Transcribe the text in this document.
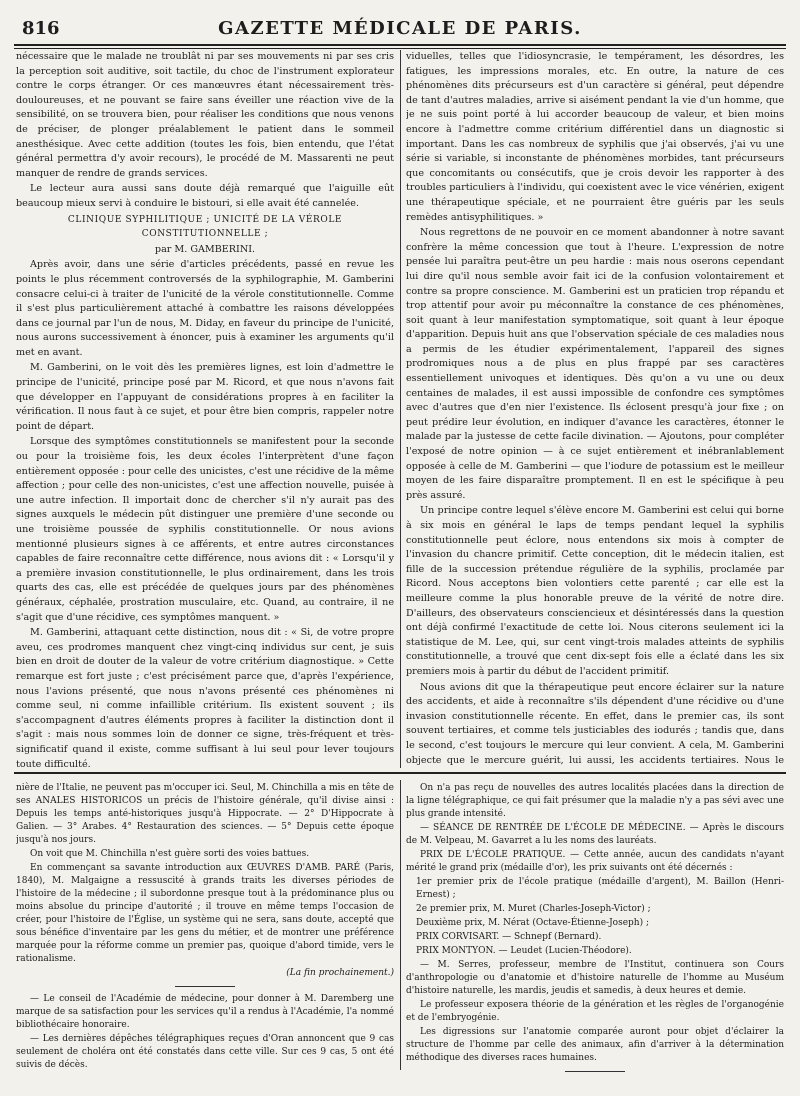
816	GAZETTE MÉDICALE DE PARIS.

nécessaire que le malade ne troublât ni par ses mouvements ni par ses cris la perception soit auditive, soit tactile, du choc de l'instrument explorateur contre le corps étranger. Or ces manœuvres étant nécessairement très-douloureuses, et ne pouvant se faire sans éveiller une réaction vive de la sensibilité, on se trouvera bien, pour réaliser les conditions que nous venons de préciser, de plonger préalablement le patient dans le sommeil anesthésique. Avec cette addition (toutes les fois, bien entendu, que l'état général permettra d'y avoir recours), le procédé de M. Massarenti ne peut manquer de rendre de grands services.

Le lecteur aura aussi sans doute déjà remarqué que l'aiguille eût beaucoup mieux servi à conduire le bistouri, si elle avait été cannelée.

CLINIQUE SYPHILITIQUE ; UNICITÉ DE LA VÉROLE CONSTITUTIONNELLE ;

par M. GAMBERINI.

Après avoir, dans une série d'articles précédents, passé en revue les points le plus récemment controversés de la syphilographie, M. Gamberini consacre celui-ci à traiter de l'unicité de la vérole constitutionnelle. Comme il s'est plus particulièrement attaché à combattre les raisons développées dans ce journal par l'un de nous, M. Diday, en faveur du principe de l'unicité, nous aurons successivement à énoncer, puis à examiner les arguments qu'il met en avant.

M. Gamberini, on le voit dès les premières lignes, est loin d'admettre le principe de l'unicité, principe posé par M. Ricord, et que nous n'avons fait que développer en l'appuyant de considérations propres à en faciliter la vérification. Il nous faut à ce sujet, et pour être bien compris, rappeler notre point de départ.

Lorsque des symptômes constitutionnels se manifestent pour la seconde ou pour la troisième fois, les deux écoles l'interprètent d'une façon entièrement opposée : pour celle des unicistes, c'est une récidive de la même affection ; pour celle des non-unicistes, c'est une affection nouvelle, puisée à une autre infection. Il importait donc de chercher s'il n'y aurait pas des signes auxquels le médecin pût distinguer une première d'une seconde ou une troisième poussée de syphilis constitutionnelle. Or nous avions mentionné plusieurs signes à ce afférents, et entre autres circonstances capables de faire reconnaître cette différence, nous avions dit : « Lorsqu'il y a première invasion constitutionnelle, le plus ordinairement, dans les trois quarts des cas, elle est précédée de quelques jours par des phénomènes généraux, céphalée, prostration musculaire, etc. Quand, au contraire, il ne s'agit que d'une récidive, ces symptômes manquent. »

M. Gamberini, attaquant cette distinction, nous dit : « Si, de votre propre aveu, ces prodromes manquent chez vingt-cinq individus sur cent, je suis bien en droit de douter de la valeur de votre critérium diagnostique. » Cette remarque est fort juste ; c'est précisément parce que, d'après l'expérience, nous l'avions présenté, que nous n'avons présenté ces phénomènes ni comme seul, ni comme infaillible critérium. Ils existent souvent ; ils s'accompagnent d'autres éléments propres à faciliter la distinction dont il s'agit : mais nous sommes loin de donner ce signe, très-fréquent et très-significatif quand il existe, comme suffisant à lui seul pour lever toujours toute difficulté.

viduelles, telles que l'idiosyncrasie, le tempérament, les désordres, les fatigues, les impressions morales, etc. En outre, la nature de ces phénomènes dits précurseurs est d'un caractère si général, peut dépendre de tant d'autres maladies, arrive si aisément pendant la vie d'un homme, que je ne suis point porté à lui accorder beaucoup de valeur, et bien moins encore à l'admettre comme critérium différentiel dans un diagnostic si important. Dans les cas nombreux de syphilis que j'ai observés, j'ai vu une série si variable, si inconstante de phénomènes morbides, tant précurseurs que concomitants ou consécutifs, que je crois devoir les rapporter à des troubles particuliers à l'individu, qui coexistent avec le vice vénérien, exigent une thérapeutique spéciale, et ne pourraient être guéris par les seuls remèdes antisyphilitiques. »

Nous regrettons de ne pouvoir en ce moment abandonner à notre savant confrère la même concession que tout à l'heure. L'expression de notre pensée lui paraîtra peut-être un peu hardie : mais nous oserons cependant lui dire qu'il nous semble avoir fait ici de la confusion volontairement et contre sa propre conscience. M. Gamberini est un praticien trop répandu et trop attentif pour avoir pu méconnaître la constance de ces phénomènes, soit quant à leur manifestation symptomatique, soit quant à leur époque d'apparition. Depuis huit ans que l'observation spéciale de ces maladies nous a permis de les étudier expérimentalement, l'appareil des signes prodromiques nous a de plus en plus frappé par ses caractères essentiellement univoques et identiques. Dès qu'on a vu une ou deux centaines de malades, il est aussi impossible de confondre ces symptômes avec d'autres que d'en nier l'existence. Ils éclosent presqu'à jour fixe ; on peut prédire leur évolution, en indiquer d'avance les caractères, étonner le malade par la justesse de cette facile divination. — Ajoutons, pour compléter l'exposé de notre opinion — à ce sujet entièrement et inébranlablement opposée à celle de M. Gamberini — que l'iodure de potassium est le meilleur moyen de les faire disparaître promptement. Il en est le spécifique à peu près assuré.

Un principe contre lequel s'élève encore M. Gamberini est celui qui borne à six mois en général le laps de temps pendant lequel la syphilis constitutionnelle peut éclore, nous entendons six mois à compter de l'invasion du chancre primitif. Cette conception, dit le médecin italien, est fille de la succession prétendue régulière de la syphilis, proclamée par Ricord. Nous acceptons bien volontiers cette parenté ; car elle est la meilleure comme la plus honorable preuve de la vérité de notre dire. D'ailleurs, des observateurs consciencieux et désintéressés dans la question ont déjà confirmé l'exactitude de cette loi. Nous citerons seulement ici la statistique de M. Lee, qui, sur cent vingt-trois malades atteints de syphilis constitutionnelle, a trouvé que cent dix-sept fois elle a éclaté dans les six premiers mois à partir du début de l'accident primitif.

Nous avions dit que la thérapeutique peut encore éclairer sur la nature des accidents, et aide à reconnaître s'ils dépendent d'une récidive ou d'une invasion constitutionnelle récente. En effet, dans le premier cas, ils sont souvent tertiaires, et comme tels justiciables des iodurés ; tandis que, dans le second, c'est toujours le mercure qui leur convient. A cela, M. Gamberini objecte que le mercure guérit, lui aussi, les accidents tertiaires. Nous le

nière de l'Italie, ne peuvent pas m'occuper ici. Seul, M. Chinchilla a mis en tête de ses ANALES HISTORICOS un précis de l'histoire générale, qu'il divise ainsi : Depuis les temps anté-historiques jusqu'à Hippocrate. — 2° D'Hippocrate à Galien. — 3° Arabes. 4° Restauration des sciences. — 5° Depuis cette époque jusqu'à nos jours.

On voit que M. Chinchilla n'est guère sorti des voies battues.

En commençant sa savante introduction aux ŒUVRES D'AMB. PARÉ (Paris, 1840), M. Malgaigne a ressuscité à grands traits les diverses périodes de l'histoire de la médecine ; il subordonne presque tout à la prédominance plus ou moins absolue du principe d'autorité ; il trouve en même temps l'occasion de créer, pour l'histoire de l'Église, un système qui ne sera, sans doute, accepté que sous bénéfice d'inventaire par les gens du métier, et de montrer une préférence marquée pour la réforme comme un premier pas, quoique d'abord timide, vers le rationalisme.

(La fin prochainement.)

— Le conseil de l'Académie de médecine, pour donner à M. Daremberg une marque de sa satisfaction pour les services qu'il a rendus à l'Académie, l'a nommé bibliothécaire honoraire.

— Les dernières dépêches télégraphiques reçues d'Oran annoncent que 9 cas seulement de choléra ont été constatés dans cette ville. Sur ces 9 cas, 5 ont été suivis de décès.

On n'a pas reçu de nouvelles des autres localités placées dans la direction de la ligne télégraphique, ce qui fait présumer que la maladie n'y a pas sévi avec une plus grande intensité.

— SÉANCE DE RENTRÉE DE L'ÉCOLE DE MÉDECINE. — Après le discours de M. Velpeau, M. Gavarret a lu les noms des lauréats.

PRIX DE L'ÉCOLE PRATIQUE. — Cette année, aucun des candidats n'ayant mérité le grand prix (médaille d'or), les prix suivants ont été décernés :

1er premier prix de l'école pratique (médaille d'argent), M. Baillon (Henri-Ernest) ;

2e premier prix, M. Muret (Charles-Joseph-Victor) ;

Deuxième prix, M. Nérat (Octave-Étienne-Joseph) ;

PRIX CORVISART. — Schnepf (Bernard).

PRIX MONTYON. — Leudet (Lucien-Théodore).

— M. Serres, professeur, membre de l'Institut, continuera son Cours d'anthropologie ou d'anatomie et d'histoire naturelle de l'homme au Muséum d'histoire naturelle, les mardis, jeudis et samedis, à deux heures et demie.

Le professeur exposera théorie de la génération et les règles de l'organogénie et de l'embryogénie.

Les digressions sur l'anatomie comparée auront pour objet d'éclairer la structure de l'homme par celle des animaux, afin d'arriver à la détermination méthodique des diverses races humaines.
